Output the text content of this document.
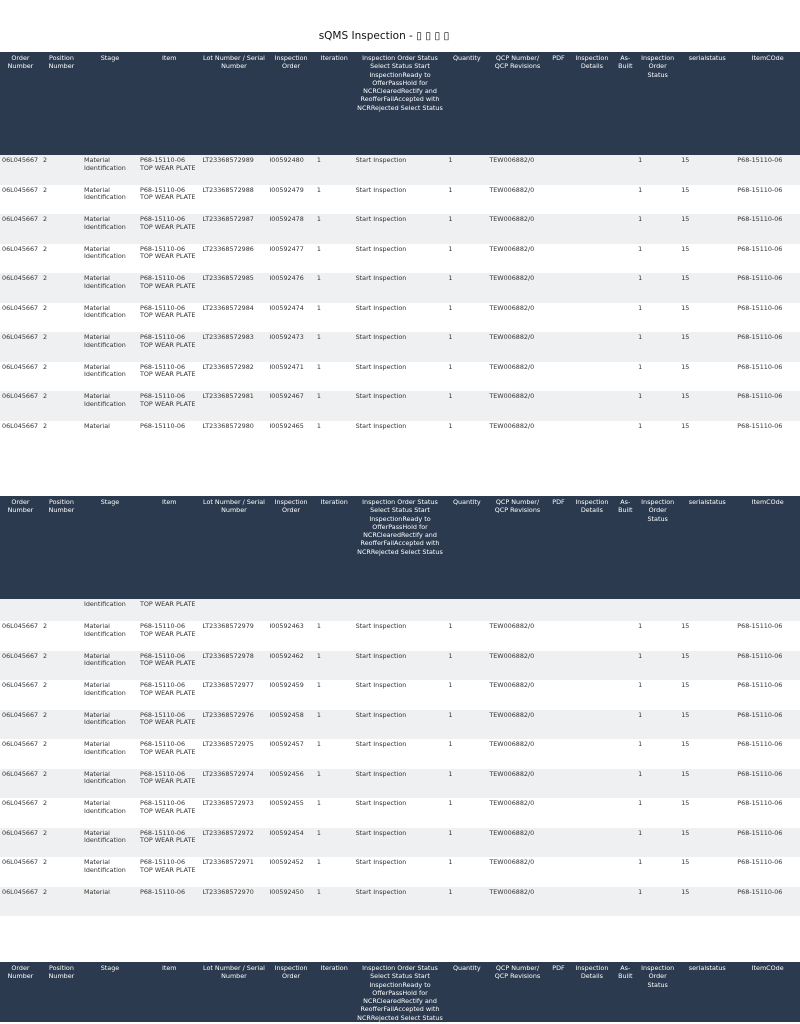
sQMS Inspection - ▯ ▯ ▯ ▯
Order Number	Position Number	Stage	Item	Lot Number / Serial Number	Inspection Order	Iteration	Inspection Order Status Select Status Start InspectionReady to OfferPassHold for NCRClearedRectify and ReofferFailAccepted with NCRRejected Select Status	Quantity	QCP Number/ QCP Revisions	PDF	Inspection Details	As-Built	Inspection Order Status	serialstatus	ItemCOde
06L045667	2	Material Identification	P68-15110-06 TOP WEAR PLATE	LT23368572989	I00592480	1	Start Inspection	1	TEW006882/0				1	15	P68-15110-06
06L045667	2	Material Identification	P68-15110-06 TOP WEAR PLATE	LT23368572988	I00592479	1	Start Inspection	1	TEW006882/0				1	15	P68-15110-06
06L045667	2	Material Identification	P68-15110-06 TOP WEAR PLATE	LT23368572987	I00592478	1	Start Inspection	1	TEW006882/0				1	15	P68-15110-06
06L045667	2	Material Identification	P68-15110-06 TOP WEAR PLATE	LT23368572986	I00592477	1	Start Inspection	1	TEW006882/0				1	15	P68-15110-06
06L045667	2	Material Identification	P68-15110-06 TOP WEAR PLATE	LT23368572985	I00592476	1	Start Inspection	1	TEW006882/0				1	15	P68-15110-06
06L045667	2	Material Identification	P68-15110-06 TOP WEAR PLATE	LT23368572984	I00592474	1	Start Inspection	1	TEW006882/0				1	15	P68-15110-06
06L045667	2	Material Identification	P68-15110-06 TOP WEAR PLATE	LT23368572983	I00592473	1	Start Inspection	1	TEW006882/0				1	15	P68-15110-06
06L045667	2	Material Identification	P68-15110-06 TOP WEAR PLATE	LT23368572982	I00592471	1	Start Inspection	1	TEW006882/0				1	15	P68-15110-06
06L045667	2	Material Identification	P68-15110-06 TOP WEAR PLATE	LT23368572981	I00592467	1	Start Inspection	1	TEW006882/0				1	15	P68-15110-06
06L045667	2	Material	P68-15110-06	LT23368572980	I00592465	1	Start Inspection	1	TEW006882/0				1	15	P68-15110-06
Order Number	Position Number	Stage	Item	Lot Number / Serial Number	Inspection Order	Iteration	Inspection Order Status Select Status Start InspectionReady to OfferPassHold for NCRClearedRectify and ReofferFailAccepted with NCRRejected Select Status	Quantity	QCP Number/ QCP Revisions	PDF	Inspection Details	As-Built	Inspection Order Status	serialstatus	ItemCOde
		Identification	TOP WEAR PLATE												
06L045667	2	Material Identification	P68-15110-06 TOP WEAR PLATE	LT23368572979	I00592463	1	Start Inspection	1	TEW006882/0				1	15	P68-15110-06
06L045667	2	Material Identification	P68-15110-06 TOP WEAR PLATE	LT23368572978	I00592462	1	Start Inspection	1	TEW006882/0				1	15	P68-15110-06
06L045667	2	Material Identification	P68-15110-06 TOP WEAR PLATE	LT23368572977	I00592459	1	Start Inspection	1	TEW006882/0				1	15	P68-15110-06
06L045667	2	Material Identification	P68-15110-06 TOP WEAR PLATE	LT23368572976	I00592458	1	Start Inspection	1	TEW006882/0				1	15	P68-15110-06
06L045667	2	Material Identification	P68-15110-06 TOP WEAR PLATE	LT23368572975	I00592457	1	Start Inspection	1	TEW006882/0				1	15	P68-15110-06
06L045667	2	Material Identification	P68-15110-06 TOP WEAR PLATE	LT23368572974	I00592456	1	Start Inspection	1	TEW006882/0				1	15	P68-15110-06
06L045667	2	Material Identification	P68-15110-06 TOP WEAR PLATE	LT23368572973	I00592455	1	Start Inspection	1	TEW006882/0				1	15	P68-15110-06
06L045667	2	Material Identification	P68-15110-06 TOP WEAR PLATE	LT23368572972	I00592454	1	Start Inspection	1	TEW006882/0				1	15	P68-15110-06
06L045667	2	Material Identification	P68-15110-06 TOP WEAR PLATE	LT23368572971	I00592452	1	Start Inspection	1	TEW006882/0				1	15	P68-15110-06
06L045667	2	Material	P68-15110-06	LT23368572970	I00592450	1	Start Inspection	1	TEW006882/0				1	15	P68-15110-06
Order Number	Position Number	Stage	Item	Lot Number / Serial Number	Inspection Order	Iteration	Inspection Order Status Select Status Start InspectionReady to OfferPassHold for NCRClearedRectify and ReofferFailAccepted with NCRRejected Select Status	Quantity	QCP Number/ QCP Revisions	PDF	Inspection Details	As-Built	Inspection Order Status	serialstatus	ItemCOde
